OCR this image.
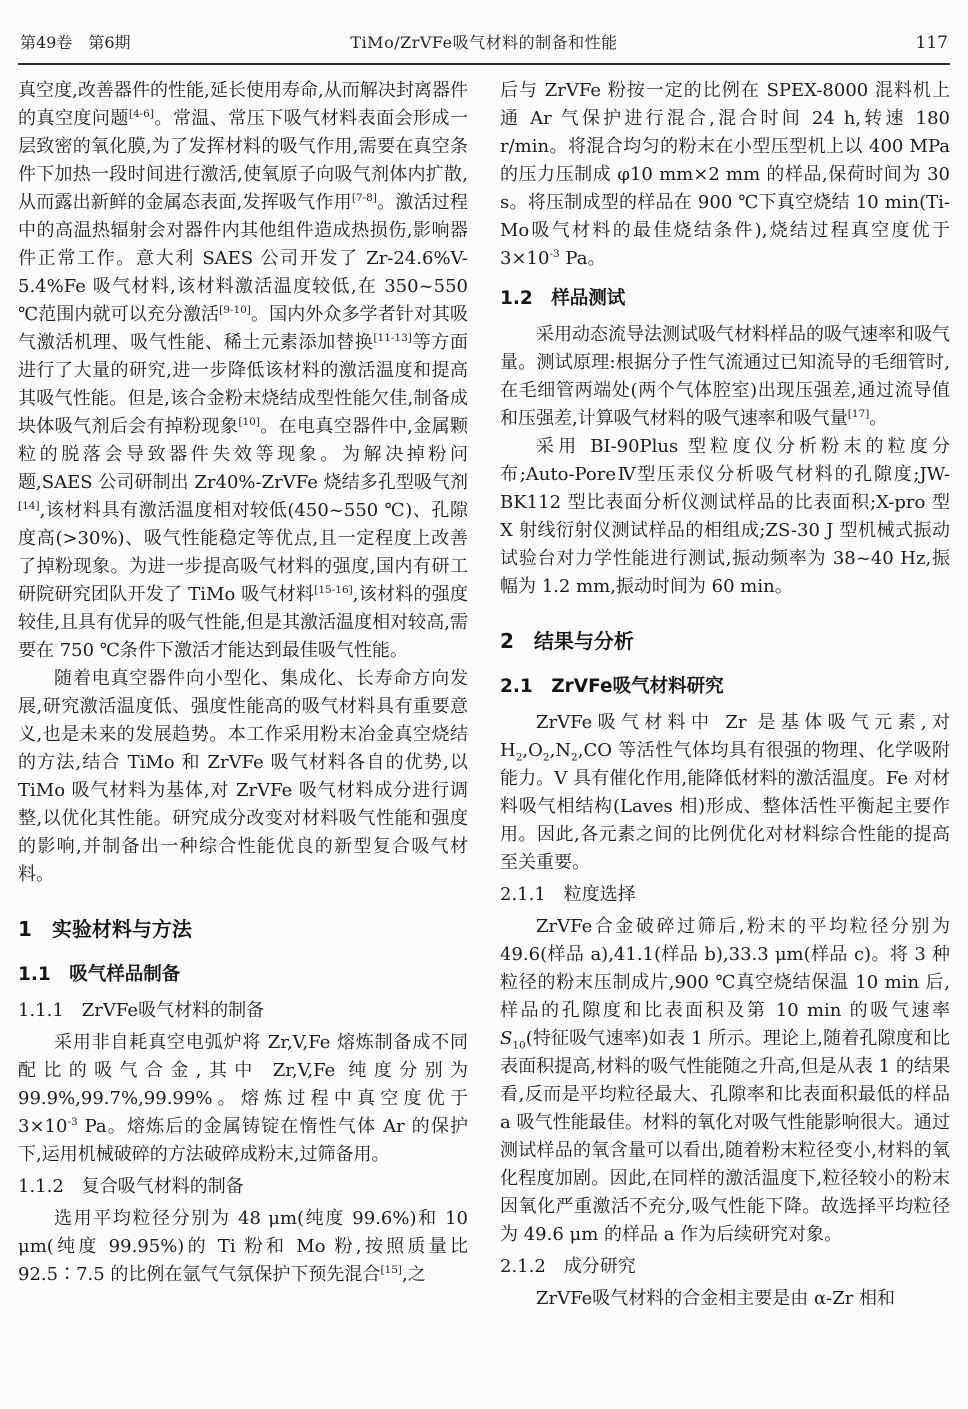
第49卷　第6期	TiMo/ZrVFe吸气材料的制备和性能	117

真空度,改善器件的性能,延长使用寿命,从而解决封离器件的真空度问题[4-6]。常温、常压下吸气材料表面会形成一层致密的氧化膜,为了发挥材料的吸气作用,需要在真空条件下加热一段时间进行激活,使氧原子向吸气剂体内扩散,从而露出新鲜的金属态表面,发挥吸气作用[7-8]。激活过程中的高温热辐射会对器件内其他组件造成热损伤,影响器件正常工作。意大利 SAES 公司开发了 Zr-24.6%V-5.4%Fe 吸气材料,该材料激活温度较低,在 350~550 ℃范围内就可以充分激活[9-10]。国内外众多学者针对其吸气激活机理、吸气性能、稀土元素添加替换[11-13]等方面进行了大量的研究,进一步降低该材料的激活温度和提高其吸气性能。但是,该合金粉末烧结成型性能欠佳,制备成块体吸气剂后会有掉粉现象[10]。在电真空器件中,金属颗粒的脱落会导致器件失效等现象。为解决掉粉问题,SAES 公司研制出 Zr40%-ZrVFe 烧结多孔型吸气剂[14],该材料具有激活温度相对较低(450~550 ℃)、孔隙度高(>30%)、吸气性能稳定等优点,且一定程度上改善了掉粉现象。为进一步提高吸气材料的强度,国内有研工研院研究团队开发了 TiMo 吸气材料[15-16],该材料的强度较佳,且具有优异的吸气性能,但是其激活温度相对较高,需要在 750 ℃条件下激活才能达到最佳吸气性能。

随着电真空器件向小型化、集成化、长寿命方向发展,研究激活温度低、强度性能高的吸气材料具有重要意义,也是未来的发展趋势。本工作采用粉末冶金真空烧结的方法,结合 TiMo 和 ZrVFe 吸气材料各自的优势,以 TiMo 吸气材料为基体,对 ZrVFe 吸气材料成分进行调整,以优化其性能。研究成分改变对材料吸气性能和强度的影响,并制备出一种综合性能优良的新型复合吸气材料。

1　实验材料与方法
1.1　吸气样品制备
1.1.1　ZrVFe吸气材料的制备

采用非自耗真空电弧炉将 Zr,V,Fe 熔炼制备成不同配比的吸气合金,其中 Zr,V,Fe 纯度分别为 99.9%,99.7%,99.99%。熔炼过程中真空度优于 $3\times 10^{-3}$ Pa。熔炼后的金属铸锭在惰性气体 Ar 的保护下,运用机械破碎的方法破碎成粉末,过筛备用。

1.1.2　复合吸气材料的制备

选用平均粒径分别为 48 μm(纯度 99.6%)和 10 μm(纯度 99.95%)的 Ti 粉和 Mo 粉,按照质量比 92.5∶7.5 的比例在氩气气氛保护下预先混合[15],之

后与 ZrVFe 粉按一定的比例在 SPEX-8000 混料机上通 Ar 气保护进行混合,混合时间 24 h,转速 180 r/min。将混合均匀的粉末在小型压型机上以 400 MPa 的压力压制成 φ10 mm×2 mm 的样品,保荷时间为 30 s。将压制成型的样品在 900 ℃下真空烧结 10 min(Ti-Mo吸气材料的最佳烧结条件),烧结过程真空度优于 $3\times 10^{-3}$ Pa。

1.2　样品测试

采用动态流导法测试吸气材料样品的吸气速率和吸气量。测试原理:根据分子性气流通过已知流导的毛细管时,在毛细管两端处(两个气体腔室)出现压强差,通过流导值和压强差,计算吸气材料的吸气速率和吸气量[17]。

采用 BI-90Plus 型粒度仪分析粉末的粒度分布;Auto-PoreⅣ型压汞仪分析吸气材料的孔隙度;JW-BK112 型比表面分析仪测试样品的比表面积;X-pro 型 X 射线衍射仪测试样品的相组成;ZS-30 J 型机械式振动试验台对力学性能进行测试,振动频率为 38~40 Hz,振幅为 1.2 mm,振动时间为 60 min。

2　结果与分析
2.1　ZrVFe吸气材料研究

ZrVFe吸气材料中 Zr 是基体吸气元素,对 $H_2,O_2,N_2,CO$ 等活性气体均具有很强的物理、化学吸附能力。V 具有催化作用,能降低材料的激活温度。Fe 对材料吸气相结构(Laves 相)形成、整体活性平衡起主要作用。因此,各元素之间的比例优化对材料综合性能的提高至关重要。

2.1.1　粒度选择

ZrVFe合金破碎过筛后,粉末的平均粒径分别为 49.6(样品 a),41.1(样品 b),33.3 μm(样品 c)。将 3 种粒径的粉末压制成片,900 ℃真空烧结保温 10 min 后,样品的孔隙度和比表面积及第 10 min 的吸气速率 $S_{10}$(特征吸气速率)如表 1 所示。理论上,随着孔隙度和比表面积提高,材料的吸气性能随之升高,但是从表 1 的结果看,反而是平均粒径最大、孔隙率和比表面积最低的样品 a 吸气性能最佳。材料的氧化对吸气性能影响很大。通过测试样品的氧含量可以看出,随着粉末粒径变小,材料的氧化程度加剧。因此,在同样的激活温度下,粒径较小的粉末因氧化严重激活不充分,吸气性能下降。故选择平均粒径为 49.6 μm 的样品 a 作为后续研究对象。

2.1.2　成分研究

ZrVFe吸气材料的合金相主要是由 α-Zr 相和
